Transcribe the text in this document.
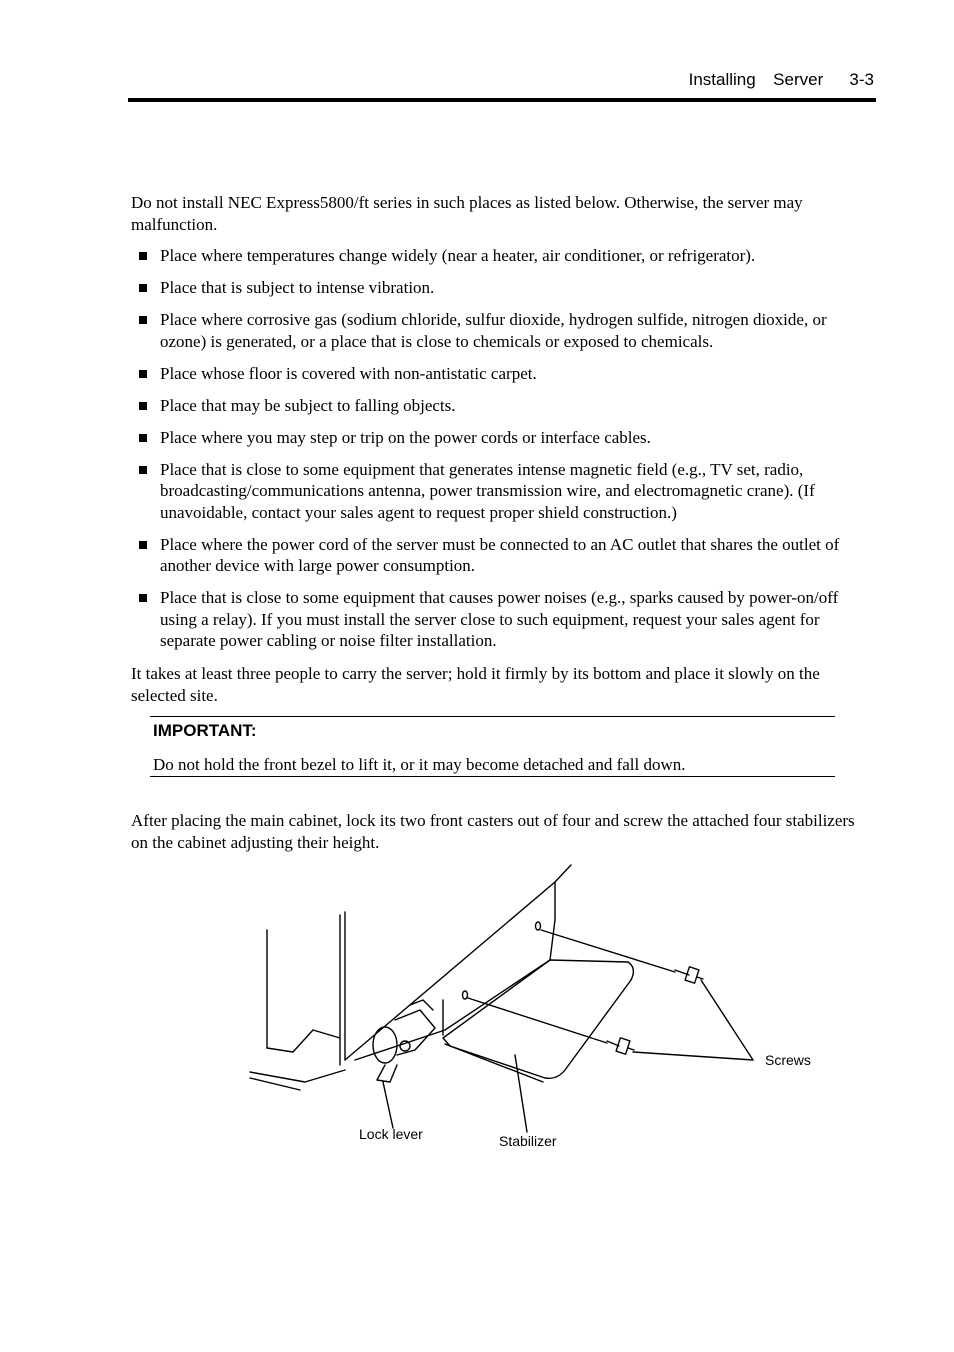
Installing  Server 3-3
Do not install NEC Express5800/ft series in such places as listed below. Otherwise, the server may malfunction.
Place where temperatures change widely (near a heater, air conditioner, or refrigerator).
Place that is subject to intense vibration.
Place where corrosive gas (sodium chloride, sulfur dioxide, hydrogen sulfide, nitrogen dioxide, or ozone) is generated, or a place that is close to chemicals or exposed to chemicals.
Place whose floor is covered with non-antistatic carpet.
Place that may be subject to falling objects.
Place where you may step or trip on the power cords or interface cables.
Place that is close to some equipment that generates intense magnetic field (e.g., TV set, radio, broadcasting/communications antenna, power transmission wire, and electromagnetic crane). (If unavoidable, contact your sales agent to request proper shield construction.)
Place where the power cord of the server must be connected to an AC outlet that shares the outlet of another device with large power consumption.
Place that is close to some equipment that causes power noises (e.g., sparks caused by power-on/off using a relay). If you must install the server close to such equipment, request your sales agent for separate power cabling or noise filter installation.
It takes at least three people to carry the server; hold it firmly by its bottom and place it slowly on the selected site.
IMPORTANT:
Do not hold the front bezel to lift it, or it may become detached and fall down.
After placing the main cabinet, lock its two front casters out of four and screw the attached four stabilizers on the cabinet adjusting their height.
Screws
Lock lever	Stabilizer
